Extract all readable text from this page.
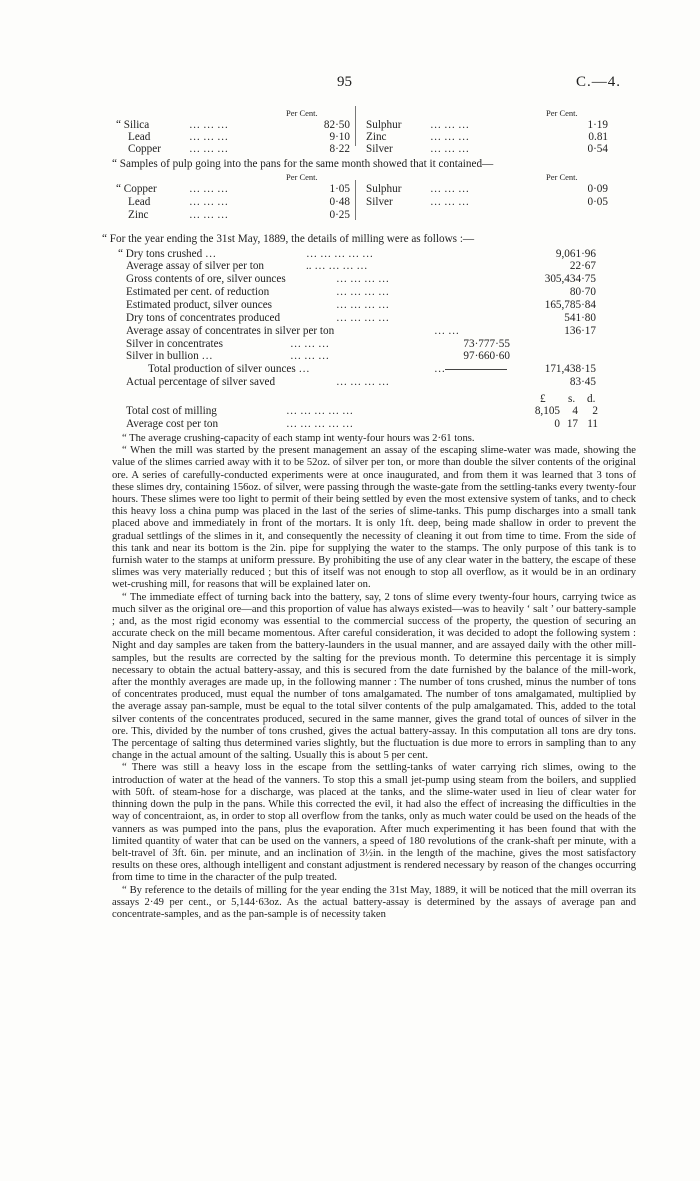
95	C.—4.
Per Cent.	Per Cent.
“ Silica	… … …	82·50
Lead	… … …	9·10
Copper	… … …	8·22
Sulphur	… … …	1·19
Zinc	… … …	0.81
Silver	… … …	0·54
“ Samples of pulp going into the pans for the same month showed that it contained—
Per Cent.	Per Cent.
“ Copper	… … …	1·05
Lead	… … …	0·48
Zinc	… … …	0·25
Sulphur	… … …	0·09
Silver	… … …	0·05
“ For the year ending the 31st May, 1889, the details of milling were as follows :—
“ Dry tons crushed …	… … … … …	9,061·96
Average assay of silver per ton	.. … … … …	22·67
Gross contents of ore, silver ounces	… … … …	305,434·75
Estimated per cent. of reduction	… … … …	80·70
Estimated product, silver ounces	… … … …	165,785·84
Dry tons of concentrates produced	… … … …	541·80
Average assay of concentrates in silver per ton	… …	136·17
Silver in concentrates	… … …	73·777·55
Silver in bullion …	… … …	97·660·60
Total production of silver ounces …	…	171,438·15
Actual percentage of silver saved	… … … …	83·45
£ s. d.
Total cost of milling	… … … … …	8,105	4	2
Average cost per ton	… … … … …	0 17 11

“ The average crushing-capacity of each stamp int wenty-four hours was 2·61 tons.

“ When the mill was started by the present management an assay of the escaping slime-water was made, showing the value of the slimes carried away with it to be 52oz. of silver per ton, or more than double the silver contents of the original ore. A series of carefully-conducted experiments were at once inaugurated, and from them it was learned that 3 tons of these slimes dry, containing 156oz. of silver, were passing through the waste-gate from the settling-tanks every twenty-four hours. These slimes were too light to permit of their being settled by even the most extensive system of tanks, and to check this heavy loss a china pump was placed in the last of the series of slime-tanks. This pump discharges into a small tank placed above and immediately in front of the mortars. It is only 1ft. deep, being made shallow in order to prevent the gradual settlings of the slimes in it, and consequently the necessity of cleaning it out from time to time. From the side of this tank and near its bottom is the 2in. pipe for supplying the water to the stamps. The only purpose of this tank is to furnish water to the stamps at uniform pressure. By prohibiting the use of any clear water in the battery, the escape of these slimes was very materially reduced ; but this of itself was not enough to stop all overflow, as it would be in an ordinary wet-crushing mill, for reasons that will be explained later on.

“ The immediate effect of turning back into the battery, say, 2 tons of slime every twenty-four hours, carrying twice as much silver as the original ore—and this proportion of value has always existed—was to heavily ‘ salt ’ our battery-sample ; and, as the most rigid economy was essential to the commercial success of the property, the question of securing an accurate check on the mill became momentous. After careful consideration, it was decided to adopt the following system : Night and day samples are taken from the battery-launders in the usual manner, and are assayed daily with the other mill-samples, but the results are corrected by the salting for the previous month. To determine this percentage it is simply necessary to obtain the actual battery-assay, and this is secured from the date furnished by the balance of the mill-work, after the monthly averages are made up, in the following manner : The number of tons crushed, minus the number of tons of concentrates produced, must equal the number of tons amalgamated. The number of tons amalgamated, multiplied by the average assay pan-sample, must be equal to the total silver contents of the pulp amalgamated. This, added to the total silver contents of the concentrates produced, secured in the same manner, gives the grand total of ounces of silver in the ore. This, divided by the number of tons crushed, gives the actual battery-assay. In this computation all tons are dry tons. The percentage of salting thus determined varies slightly, but the fluctuation is due more to errors in sampling than to any change in the actual amount of the salting. Usually this is about 5 per cent.

“ There was still a heavy loss in the escape from the settling-tanks of water carrying rich slimes, owing to the introduction of water at the head of the vanners. To stop this a small jet-pump using steam from the boilers, and supplied with 50ft. of steam-hose for a discharge, was placed at the tanks, and the slime-water used in lieu of clear water for thinning down the pulp in the pans. While this corrected the evil, it had also the effect of increasing the difficulties in the way of concentraiont, as, in order to stop all overflow from the tanks, only as much water could be used on the heads of the vanners as was pumped into the pans, plus the evaporation. After much experimenting it has been found that with the limited quantity of water that can be used on the vanners, a speed of 180 revolutions of the crank-shaft per minute, with a belt-travel of 3ft. 6in. per minute, and an inclination of 3½in. in the length of the machine, gives the most satisfactory results on these ores, although intelligent and constant adjustment is rendered necessary by reason of the changes occurring from time to time in the character of the pulp treated.

“ By reference to the details of milling for the year ending the 31st May, 1889, it will be noticed that the mill overran its assays 2·49 per cent., or 5,144·63oz. As the actual battery-assay is determined by the assays of average pan and concentrate-samples, and as the pan-sample is of necessity taken
